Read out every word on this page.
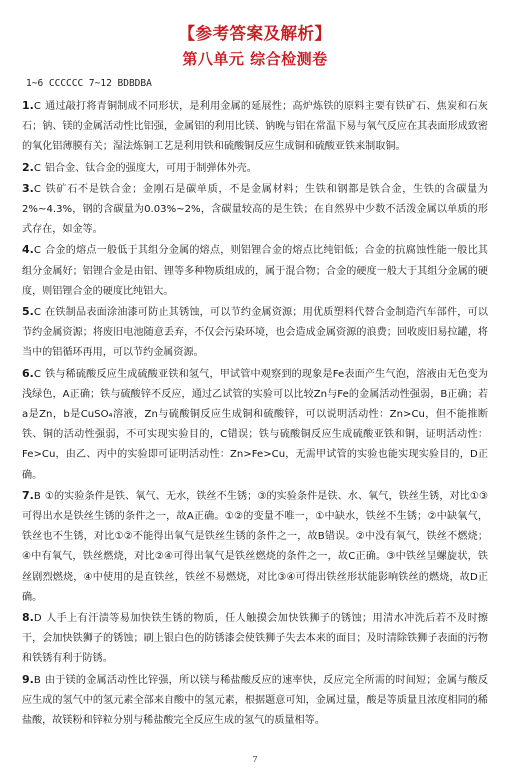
【参考答案及解析】
第八单元 综合检测卷
1~6 CCCCCC 7~12 BDBDBA

1.C 通过敲打将青铜制成不同形状，是利用金属的延展性；高炉炼铁的原料主要有铁矿石、焦炭和石灰石；钠、镁的金属活动性比铝强，金属铝的利用比镁、钠晚与铝在常温下易与氧气反应在其表面形成致密的氧化铝薄膜有关；湿法炼铜工艺是利用铁和硫酸铜反应生成铜和硫酸亚铁来制取铜。

2.C 铝合金、钛合金的强度大，可用于制弹体外壳。

3.C 铁矿石不是铁合金；金刚石是碳单质，不是金属材料；生铁和钢都是铁合金，生铁的含碳量为2%~4.3%，钢的含碳量为0.03%~2%，含碳量较高的是生铁；在自然界中少数不活泼金属以单质的形式存在，如金等。

4.C 合金的熔点一般低于其组分金属的熔点，则铝锂合金的熔点比纯铝低；合金的抗腐蚀性能一般比其组分金属好；铝锂合金是由铝、锂等多种物质组成的，属于混合物；合金的硬度一般大于其组分金属的硬度，则铝锂合金的硬度比纯铝大。

5.C 在铁制品表面涂油漆可防止其锈蚀，可以节约金属资源；用优质塑料代替合金制造汽车部件，可以节约金属资源；将废旧电池随意丢弃，不仅会污染环境，也会造成金属资源的浪费；回收废旧易拉罐，将当中的铝循环再用，可以节约金属资源。

6.C 铁与稀硫酸反应生成硫酸亚铁和氢气，甲试管中观察到的现象是Fe表面产生气泡，溶液由无色变为浅绿色，A正确；铁与硫酸锌不反应，通过乙试管的实验可以比较Zn与Fe的金属活动性强弱，B正确；若a是Zn，b是CuSO₄溶液，Zn与硫酸铜反应生成铜和硫酸锌，可以说明活动性：Zn>Cu，但不能推断铁、铜的活动性强弱，不可实现实验目的，C错误；铁与硫酸铜反应生成硫酸亚铁和铜，证明活动性：Fe>Cu，由乙、丙中的实验即可证明活动性：Zn>Fe>Cu，无需甲试管的实验也能实现实验目的，D正确。

7.B ①的实验条件是铁、氧气、无水，铁丝不生锈；③的实验条件是铁、水、氧气，铁丝生锈，对比①③可得出水是铁丝生锈的条件之一，故A正确。①②的变量不唯一，①中缺水，铁丝不生锈；②中缺氧气，铁丝也不生锈，对比①②不能得出氧气是铁丝生锈的条件之一，故B错误。②中没有氧气，铁丝不燃烧；④中有氧气，铁丝燃烧，对比②④可得出氧气是铁丝燃烧的条件之一，故C正确。③中铁丝呈螺旋状，铁丝剧烈燃烧，④中使用的是直铁丝，铁丝不易燃烧，对比③④可得出铁丝形状能影响铁丝的燃烧，故D正确。

8.D 人手上有汗渍等易加快铁生锈的物质，任人触摸会加快铁狮子的锈蚀；用清水冲洗后若不及时擦干，会加快铁狮子的锈蚀；刷上银白色的防锈漆会使铁狮子失去本来的面目；及时清除铁狮子表面的污物和铁锈有利于防锈。

9.B 由于镁的金属活动性比锌强，所以镁与稀盐酸反应的速率快，反应完全所需的时间短；金属与酸反应生成的氢气中的氢元素全部来自酸中的氢元素，根据题意可知，金属过量，酸是等质量且浓度相同的稀盐酸，故镁粉和锌粒分别与稀盐酸完全反应生成的氢气的质量相等。

7
